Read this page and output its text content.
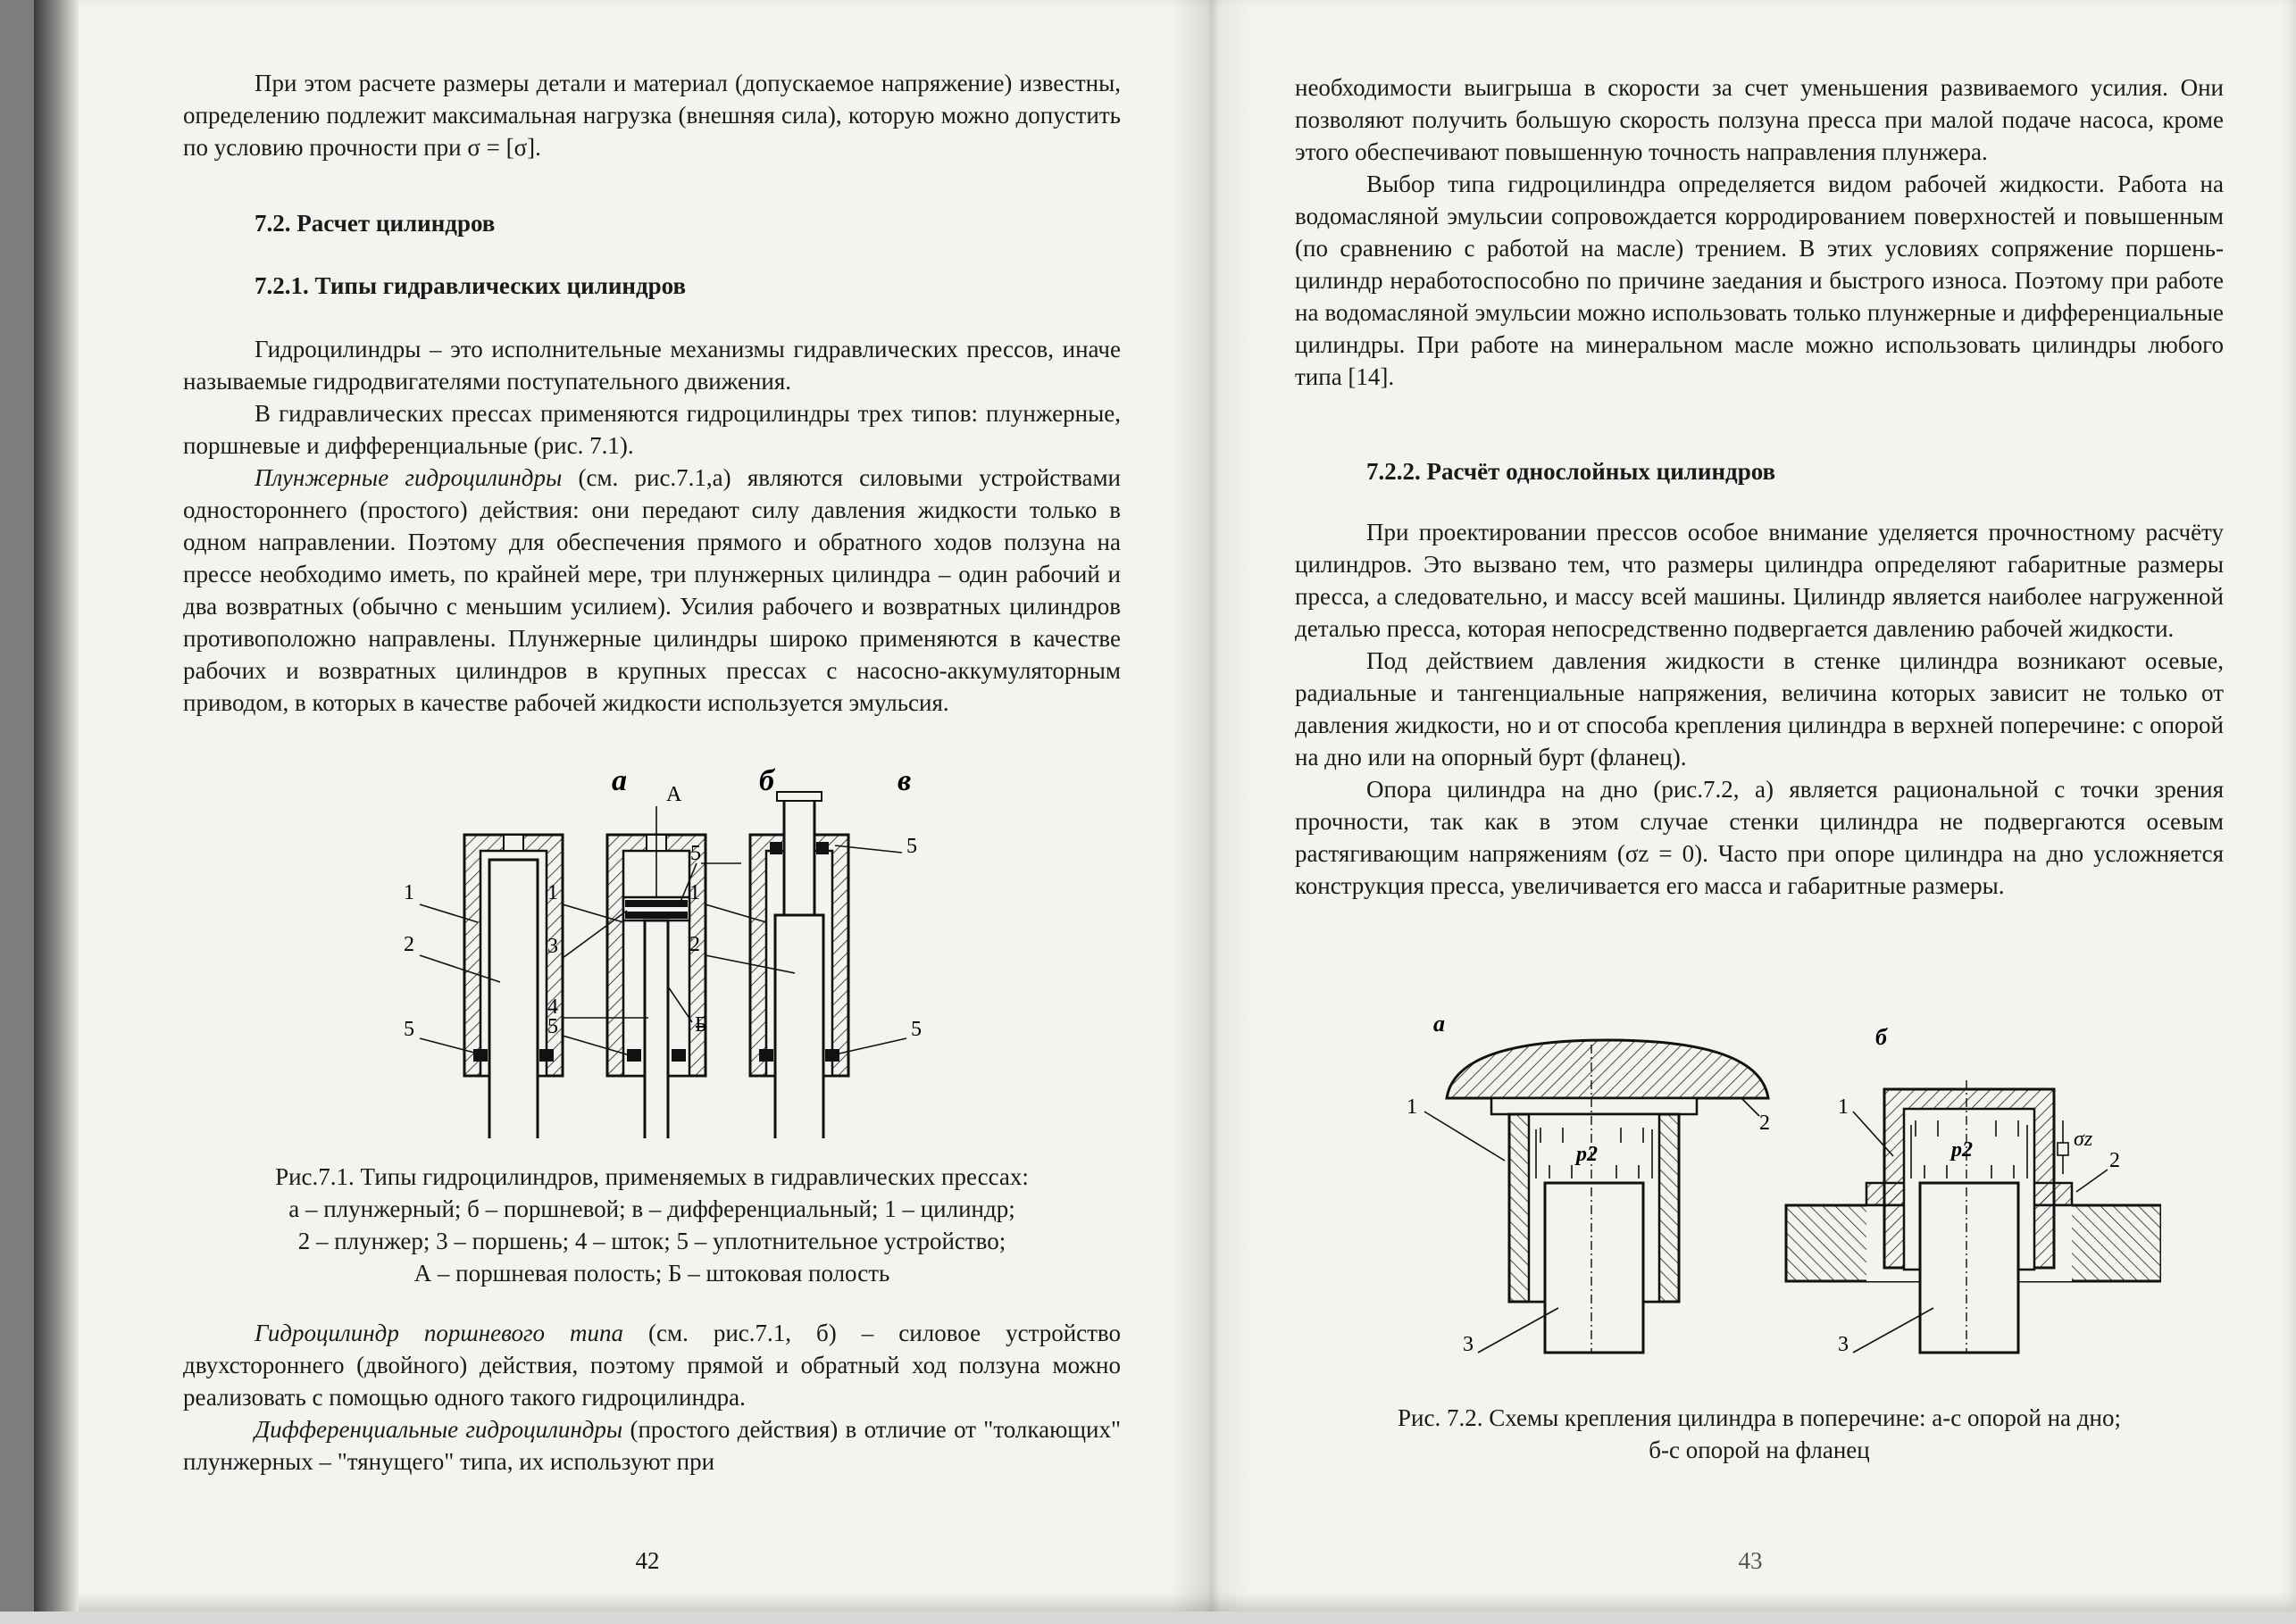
При этом расчете размеры детали и материал (допускаемое напряжение) известны, определению подлежит максимальная нагрузка (внешняя сила), которую можно допустить по условию прочности при σ = [σ].

7.2. Расчет цилиндров
7.2.1. Типы гидравлических цилиндров

Гидроцилиндры – это исполнительные механизмы гидравлических прессов, иначе называемые гидродвигателями поступательного движения.

В гидравлических прессах применяются гидроцилиндры трех типов: плунжерные, поршневые и дифференциальные (рис. 7.1).

Плунжерные гидроцилиндры (см. рис.7.1,а) являются силовыми устройствами одностороннего (простого) действия: они передают силу давления жидкости только в одном направлении. Поэтому для обеспечения прямого и обратного ходов ползуна на прессе необходимо иметь, по крайней мере, три плунжерных цилиндра – один рабочий и два возвратных (обычно с меньшим усилием). Усилия рабочего и возвратных цилиндров противоположно направлены. Плунжерные цилиндры широко применяются в качестве рабочих и возвратных цилиндров в крупных прессах с насосно-аккумуляторным приводом, в которых в качестве рабочей жидкости используется эмульсия.

а	б	в
1
2
5
1
3
4
5
А
5
Б
1
2
5
5
Рис.7.1. Типы гидроцилиндров, применяемых в гидравлических прессах:
а – плунжерный; б – поршневой; в – дифференциальный; 1 – цилиндр;
2 – плунжер; 3 – поршень; 4 – шток; 5 – уплотнительное устройство;
А – поршневая полость; Б – штоковая полость

Гидроцилиндр поршневого типа (см. рис.7.1, б) – силовое устройство двухстороннего (двойного) действия, поэтому прямой и обратный ход ползуна можно реализовать с помощью одного такого гидроцилиндра.

Дифференциальные гидроцилиндры (простого действия) в отличие от "толкающих" плунжерных – "тянущего" типа, их используют при

42

необходимости выигрыша в скорости за счет уменьшения развиваемого усилия. Они позволяют получить большую скорость ползуна пресса при малой подаче насоса, кроме этого обеспечивают повышенную точность направления плунжера.

Выбор типа гидроцилиндра определяется видом рабочей жидкости. Работа на водомасляной эмульсии сопровождается корродированием поверхностей и повышенным (по сравнению с работой на масле) трением. В этих условиях сопряжение поршень-цилиндр неработоспособно по причине заедания и быстрого износа. Поэтому при работе на водомасляной эмульсии можно использовать только плунжерные и дифференциальные цилиндры. При работе на минеральном масле можно использовать цилиндры любого типа [14].

7.2.2. Расчёт однослойных цилиндров

При проектировании прессов особое внимание уделяется прочностному расчёту цилиндров. Это вызвано тем, что размеры цилиндра определяют габаритные размеры пресса, а следовательно, и массу всей машины. Цилиндр является наиболее нагруженной деталью пресса, которая непосредственно подвергается давлению рабочей жидкости.

Под действием давления жидкости в стенке цилиндра возникают осевые, радиальные и тангенциальные напряжения, величина которых зависит не только от давления жидкости, но и от способа крепления цилиндра в верхней поперечине: с опорой на дно или на опорный бурт (фланец).

Опора цилиндра на дно (рис.7.2, а) является рациональной с точки зрения прочности, так как в этом случае стенки цилиндра не подвергаются осевым растягивающим напряжениям (σz = 0). Часто при опоре цилиндра на дно усложняется конструкция пресса, увеличивается его масса и габаритные размеры.

а
б
p2
1
2
3
p2	σz
1
2
3
Рис. 7.2. Схемы крепления цилиндра в поперечине: а-с опорой на дно;
б-с опорой на фланец
43
